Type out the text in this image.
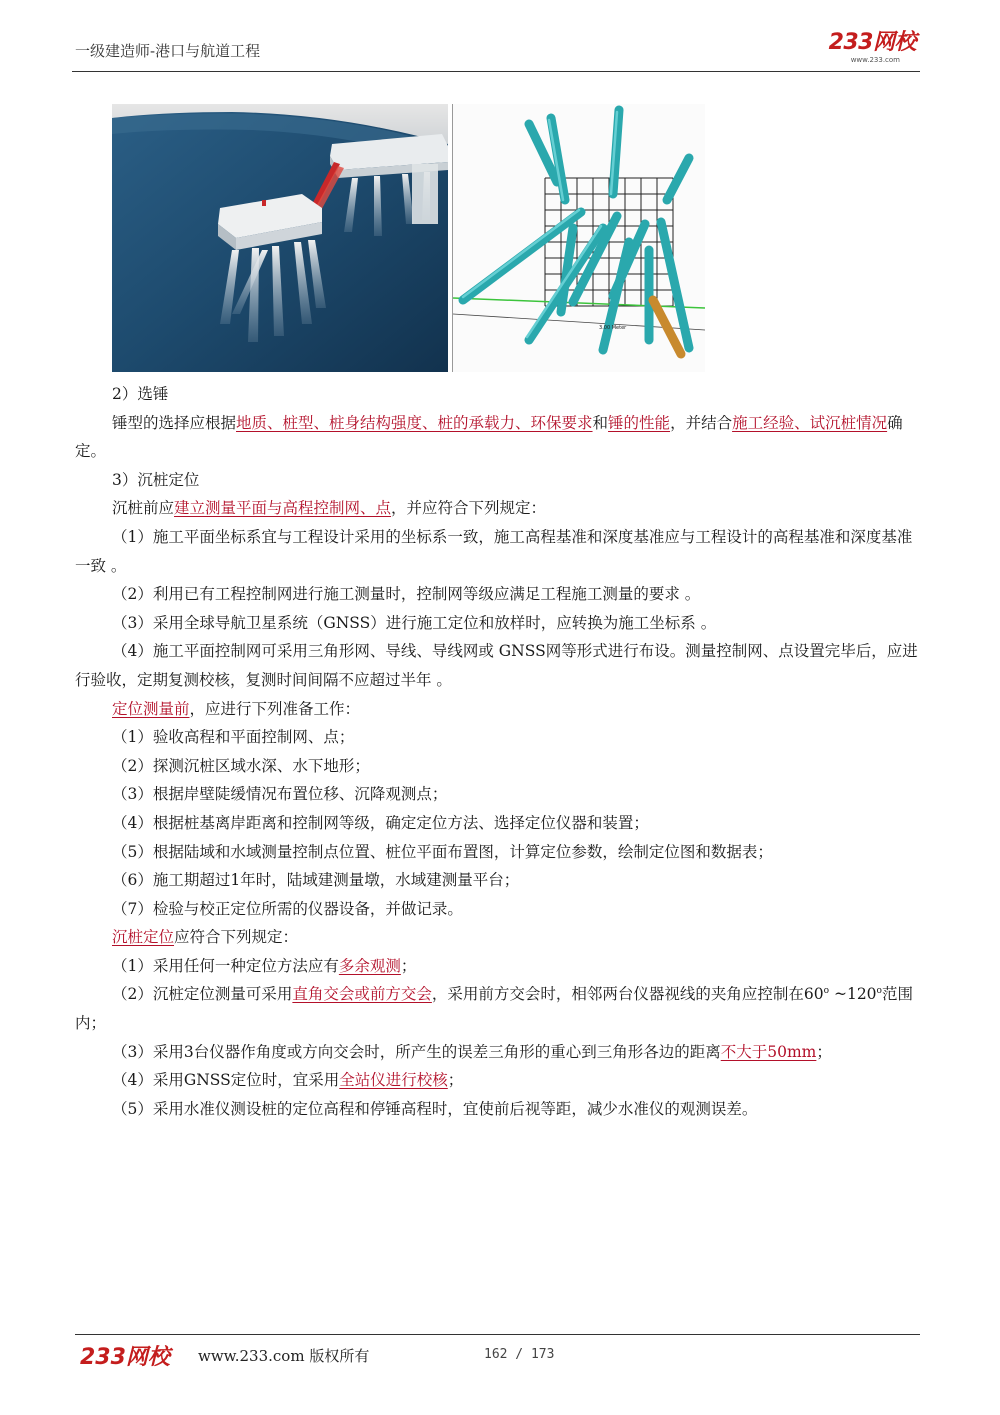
一级建造师-港口与航道工程	233网校
www.233.com
3.00 Meter

2）选锤

锤型的选择应根据地质、桩型、桩身结构强度、桩的承载力、环保要求和锤的性能，并结合施工经验、试沉桩情况确定。

3）沉桩定位

沉桩前应建立测量平面与高程控制网、点，并应符合下列规定：

（1）施工平面坐标系宜与工程设计采用的坐标系一致，施工高程基准和深度基准应与工程设计的高程基准和深度基准一致 。

（2）利用已有工程控制网进行施工测量时，控制网等级应满足工程施工测量的要求 。

（3）采用全球导航卫星系统（GNSS）进行施工定位和放样时，应转换为施工坐标系 。

（4）施工平面控制网可采用三角形网、导线、导线网或 GNSS网等形式进行布设。测量控制网、点设置完毕后，应进行验收，定期复测校核，复测时间间隔不应超过半年 。

定位测量前，应进行下列准备工作：

（1）验收高程和平面控制网、点；

（2）探测沉桩区域水深、水下地形；

（3）根据岸壁陡缓情况布置位移、沉降观测点；

（4）根据桩基离岸距离和控制网等级，确定定位方法、选择定位仪器和装置；

（5）根据陆域和水域测量控制点位置、桩位平面布置图，计算定位参数，绘制定位图和数据表；

（6）施工期超过1年时，陆域建测量墩，水域建测量平台；

（7）检验与校正定位所需的仪器设备，并做记录。

沉桩定位应符合下列规定：

（1）采用任何一种定位方法应有多余观测；

（2）沉桩定位测量可采用直角交会或前方交会，采用前方交会时，相邻两台仪器视线的夹角应控制在60$^o$ ~120$^o$范围内；

（3）采用3台仪器作角度或方向交会时，所产生的误差三角形的重心到三角形各边的距离不大于50mm；

（4）采用GNSS定位时，宜采用全站仪进行校核；

（5）采用水准仪测设桩的定位高程和停锤高程时，宜使前后视等距，减少水准仪的观测误差。

233网校 www.233.com 版权所有	162 / 173
